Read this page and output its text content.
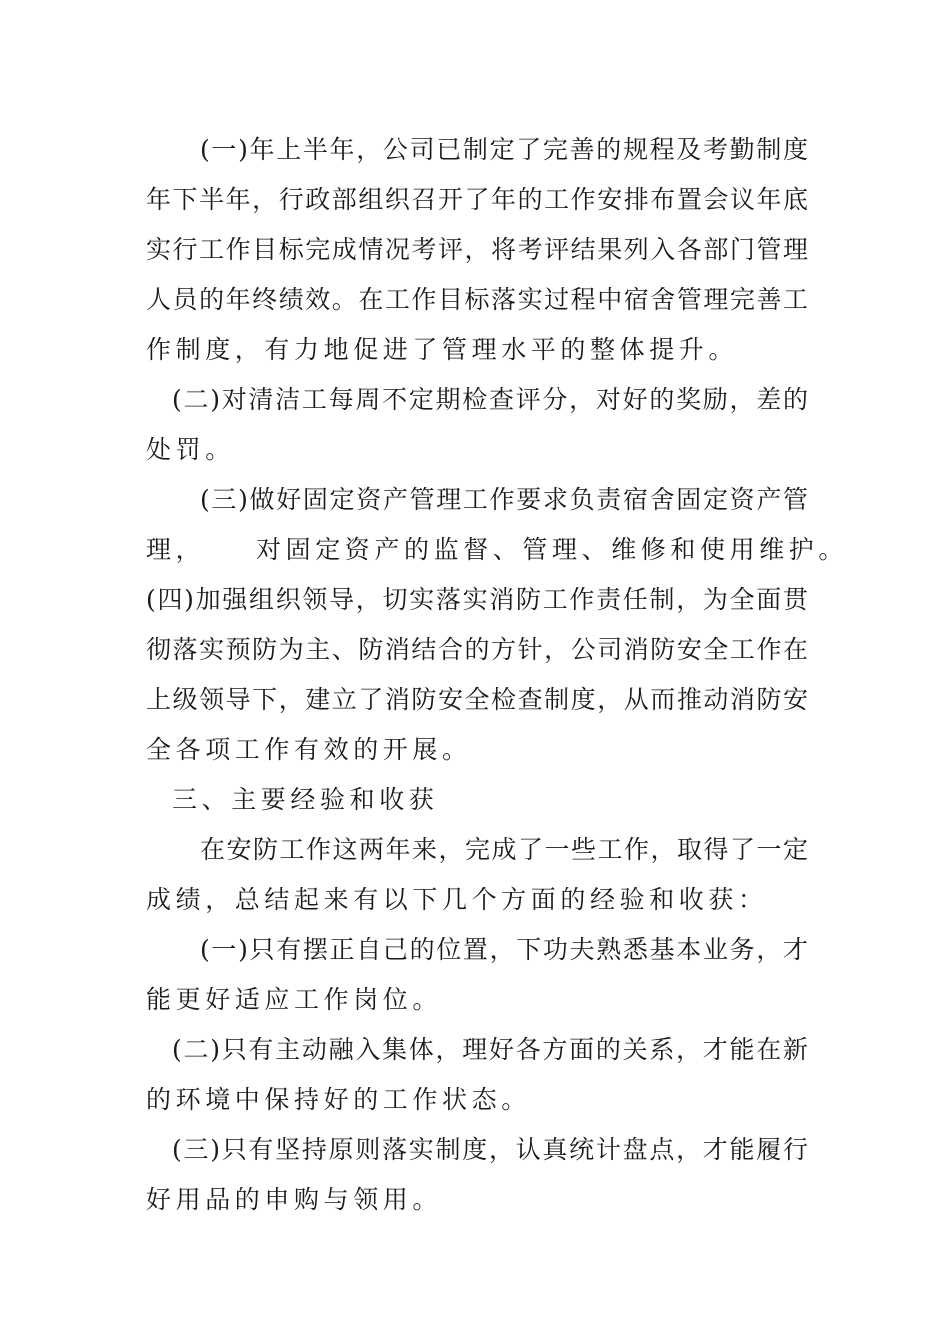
(一)年上半年，公司已制定了完善的规程及考勤制度
年下半年，行政部组织召开了年的工作安排布置会议年底
实行工作目标完成情况考评，将考评结果列入各部门管理
人员的年终绩效。在工作目标落实过程中宿舍管理完善工
作制度，有力地促进了管理水平的整体提升。
(二)对清洁工每周不定期检查评分，对好的奖励，差的
处罚。
(三)做好固定资产管理工作要求负责宿舍固定资产管
理， 对固定资产的监督、管理、维修和使用维护。
(四)加强组织领导，切实落实消防工作责任制，为全面贯
彻落实预防为主、防消结合的方针，公司消防安全工作在
上级领导下，建立了消防安全检查制度，从而推动消防安
全各项工作有效的开展。
三、主要经验和收获
在安防工作这两年来，完成了一些工作，取得了一定
成绩，总结起来有以下几个方面的经验和收获：
(一)只有摆正自己的位置，下功夫熟悉基本业务，才
能更好适应工作岗位。
(二)只有主动融入集体，理好各方面的关系，才能在新
的环境中保持好的工作状态。
(三)只有坚持原则落实制度，认真统计盘点，才能履行
好用品的申购与领用。
